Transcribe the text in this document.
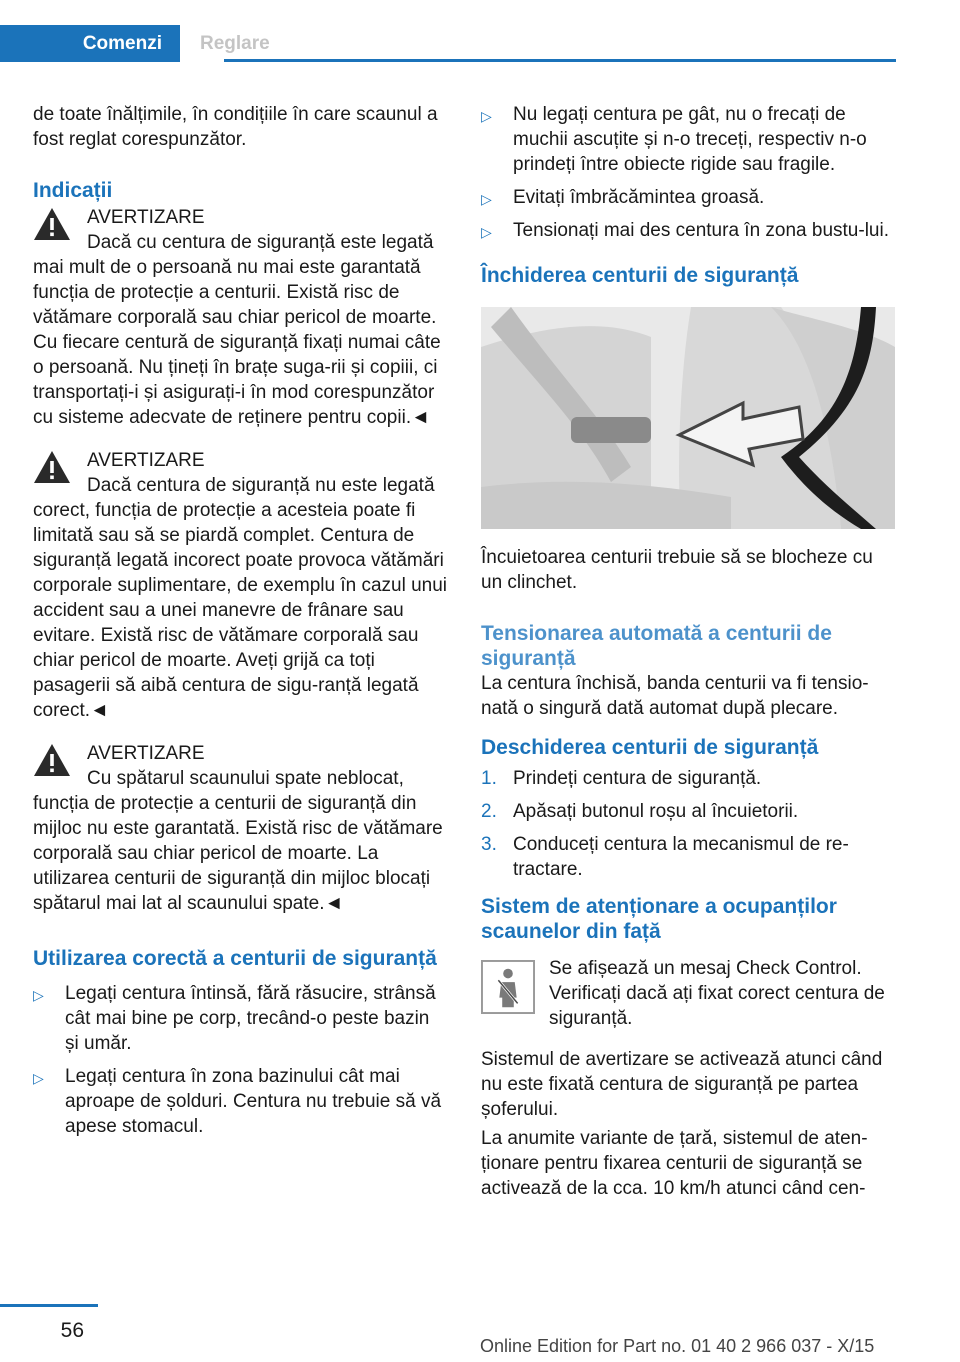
Comenzi	Reglare

de toate înălțimile, în condițiile în care scaunul a fost reglat corespunzător.

Indicații
AVERTIZARE
Dacă cu centura de siguranță este legată mai mult de o persoană nu mai este garantată funcția de protecție a centurii. Există risc de vătămare corporală sau chiar pericol de moarte. Cu fiecare centură de siguranță fixați numai câte o persoană. Nu țineți în brațe suga-rii și copiii, ci transportați-i și asigurați-i în mod corespunzător cu sisteme adecvate de reținere pentru copii.◄
AVERTIZARE
Dacă centura de siguranță nu este legată corect, funcția de protecție a acesteia poate fi limitată sau să se piardă complet. Centura de siguranță legată incorect poate provoca vătămări corporale suplimentare, de exemplu în cazul unui accident sau a unei manevre de frânare sau evitare. Există risc de vătămare corporală sau chiar pericol de moarte. Aveți grijă ca toți pasagerii să aibă centura de sigu-ranță legată corect.◄
AVERTIZARE
Cu spătarul scaunului spate neblocat, funcția de protecție a centurii de siguranță din mijloc nu este garantată. Există risc de vătămare corporală sau chiar pericol de moarte. La utilizarea centurii de siguranță din mijloc blocați spătarul mai lat al scaunului spate.◄
Utilizarea corectă a centurii de siguranță
▷ Legați centura întinsă, fără răsucire, strânsă cât mai bine pe corp, trecând-o peste bazin și umăr.
▷ Legați centura în zona bazinului cât mai aproape de șolduri. Centura nu trebuie să vă apese stomacul.
▷ Nu legați centura pe gât, nu o frecați de muchii ascuțite și n-o treceți, respectiv n-o prindeți între obiecte rigide sau fragile.
▷ Evitați îmbrăcămintea groasă.
▷ Tensionați mai des centura în zona bustu-lui.
Închiderea centurii de siguranță

Încuietoarea centurii trebuie să se blocheze cu un clinchet.

Tensionarea automată a centurii de siguranță

La centura închisă, banda centurii va fi tensio-nată o singură dată automat după plecare.

Deschiderea centurii de siguranță
1. Prindeți centura de siguranță.
2. Apăsați butonul roșu al încuietorii.
3. Conduceți centura la mecanismul de re-tractare.
Sistem de atenționare a ocupanților scaunelor din față

Se afișează un mesaj Check Control. Verificați dacă ați fixat corect centura de siguranță.

Sistemul de avertizare se activează atunci când nu este fixată centura de siguranță pe partea șoferului.

La anumite variante de țară, sistemul de aten-ționare pentru fixarea centurii de siguranță se activează de la cca. 10 km/h atunci când cen-

56
Online Edition for Part no. 01 40 2 966 037 - X/15
